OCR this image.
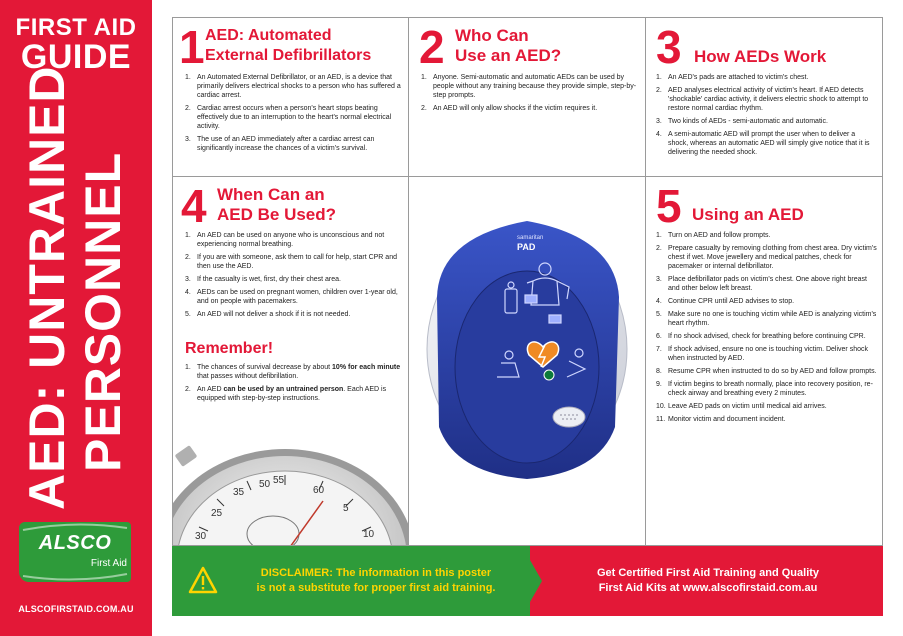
FIRST AID
GUIDE
AED: UNTRAINED PERSONNEL
ALSCO
First Aid
ALSCOFIRSTAID.COM.AU
1 AED: Automated
External Defibrillators
1. An Automated External Defibrillator, or an AED, is a device that primarily delivers electrical shocks to a person who has suffered a cardiac arrest.
2. Cardiac arrest occurs when a person's heart stops beating effectively due to an interruption to the heart's normal electrical activity.
3. The use of an AED immediately after a cardiac arrest can significantly increase the chances of a victim's survival.
2 Who Can
Use an AED?
1. Anyone. Semi-automatic and automatic AEDs can be used by people without any training because they provide simple, step-by-step prompts.
2. An AED will only allow shocks if the victim requires it.
3 How AEDs Work
1. An AED's pads are attached to victim's chest.
2. AED analyses electrical activity of victim's heart. If AED detects 'shockable' cardiac activity, it delivers electric shock to attempt to restore normal cardiac rhythm.
3. Two kinds of AEDs - semi-automatic and automatic.
4. A semi-automatic AED will prompt the user when to deliver a shock, whereas an automatic AED will simply give notice that it is delivering the needed shock.
4 When Can an
AED Be Used?
1. An AED can be used on anyone who is unconscious and not experiencing normal breathing.
2. If you are with someone, ask them to call for help, start CPR and then use the AED.
3. If the casualty is wet, first, dry their chest area.
4. AEDs can be used on pregnant women, children over 1-year old, and on people with pacemakers.
5. An AED will not deliver a shock if it is not needed.
Remember!
1. The chances of survival decrease by about 10% for each minute that passes without defibrillation.
2. An AED can be used by an untrained person. Each AED is equipped with step-by-step instructions.
25
30
35
50 55
60
5
10
samaritan
PAD
5 Using an AED
1. Turn on AED and follow prompts.
2. Prepare casualty by removing clothing from chest area. Dry victim's chest if wet. Move jewellery and medical patches, check for pacemaker or internal defibrillator.
3. Place defibrillator pads on victim's chest. One above right breast and other below left breast.
4. Continue CPR until AED advises to stop.
5. Make sure no one is touching victim while AED is analyzing victim's heart rhythm.
6. If no shock advised, check for breathing before continuing CPR.
7. If shock advised, ensure no one is touching victim. Deliver shock when instructed by AED.
8. Resume CPR when instructed to do so by AED and follow prompts.
9. If victim begins to breath normally, place into recovery position, re-check airway and breathing every 2 minutes.
10. Leave AED pads on victim until medical aid arrives.
11. Monitor victim and document incident.
DISCLAIMER: The information in this poster
is not a substitute for proper first aid training.
Get Certified First Aid Training and Quality
First Aid Kits at www.alscofirstaid.com.au
